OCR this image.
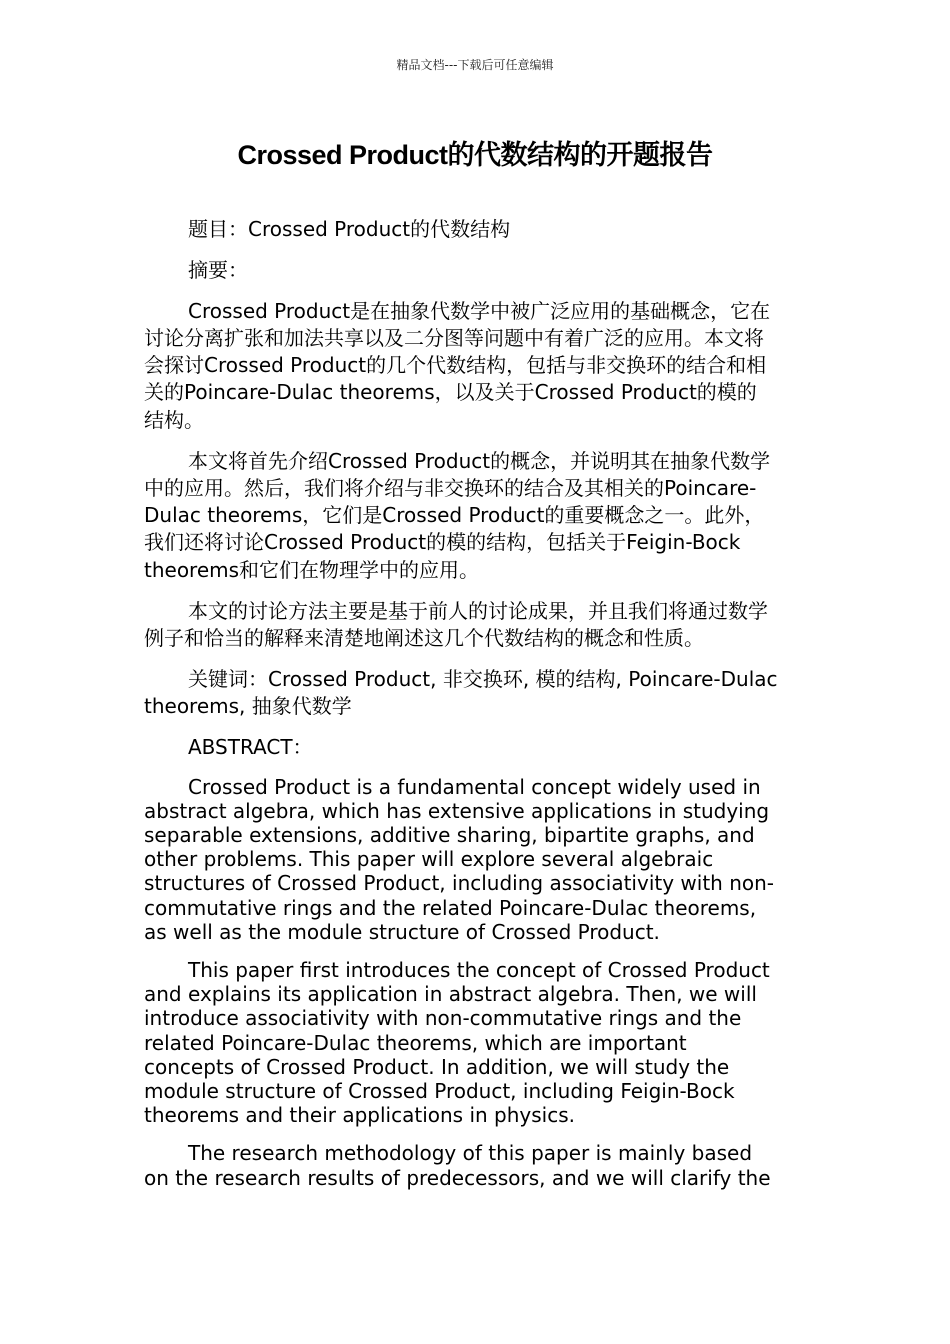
精品文档---下载后可任意编辑
Crossed Product的代数结构的开题报告
题目：Crossed Product的代数结构
摘要：
Crossed Product是在抽象代数学中被广泛应用的基础概念，它在
讨论分离扩张和加法共享以及二分图等问题中有着广泛的应用。本文将
会探讨Crossed Product的几个代数结构，包括与非交换环的结合和相
关的Poincare-Dulac theorems，以及关于Crossed Product的模的
结构。
本文将首先介绍Crossed Product的概念，并说明其在抽象代数学
中的应用。然后，我们将介绍与非交换环的结合及其相关的Poincare-
Dulac theorems，它们是Crossed Product的重要概念之一。此外，
我们还将讨论Crossed Product的模的结构，包括关于Feigin-Bock
theorems和它们在物理学中的应用。
本文的讨论方法主要是基于前人的讨论成果，并且我们将通过数学
例子和恰当的解释来清楚地阐述这几个代数结构的概念和性质。
关键词：Crossed Product, 非交换环, 模的结构, Poincare-Dulac
theorems, 抽象代数学
ABSTRACT：
Crossed Product is a fundamental concept widely used in
abstract algebra, which has extensive applications in studying
separable extensions, additive sharing, bipartite graphs, and
other problems. This paper will explore several algebraic
structures of Crossed Product, including associativity with non-
commutative rings and the related Poincare-Dulac theorems,
as well as the module structure of Crossed Product.
This paper first introduces the concept of Crossed Product
and explains its application in abstract algebra. Then, we will
introduce associativity with non-commutative rings and the
related Poincare-Dulac theorems, which are important
concepts of Crossed Product. In addition, we will study the
module structure of Crossed Product, including Feigin-Bock
theorems and their applications in physics.
The research methodology of this paper is mainly based
on the research results of predecessors, and we will clarify the
